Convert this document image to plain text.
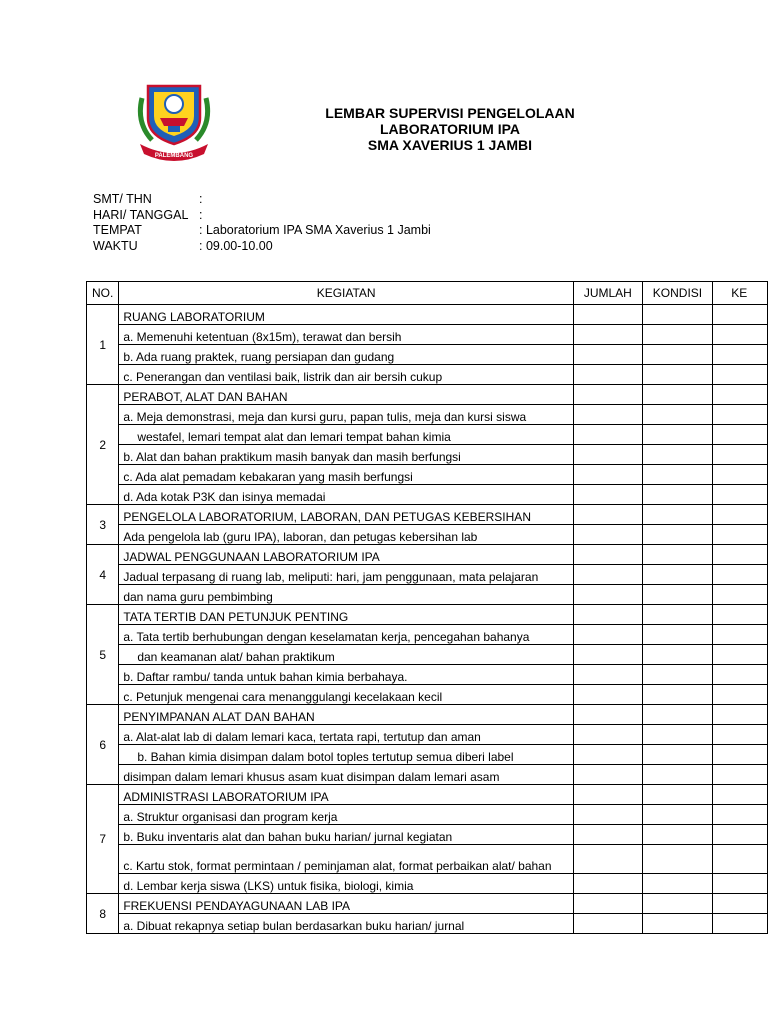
PALEMBANG
LEMBAR SUPERVISI PENGELOLAAN
LABORATORIUM IPA
SMA XAVERIUS 1 JAMBI
SMT/ THN	:
HARI/ TANGGAL :
TEMPAT	: Laboratorium IPA SMA Xaverius 1 Jambi
WAKTU	: 09.00-10.00
NO.	KEGIATAN	JUMLAH	KONDISI	KE
1	RUANG LABORATORIUM			
	a. Memenuhi ketentuan (8x15m), terawat dan bersih			
	b. Ada ruang praktek, ruang persiapan dan gudang			
	c. Penerangan dan ventilasi baik, listrik dan air bersih cukup			
2	PERABOT, ALAT DAN BAHAN			
	a. Meja demonstrasi, meja dan kursi guru, papan tulis, meja dan kursi siswa			
	westafel, lemari tempat alat dan lemari tempat bahan kimia			
	b. Alat dan bahan praktikum masih banyak dan masih berfungsi			
	c. Ada alat pemadam kebakaran yang masih berfungsi			
	d. Ada kotak P3K dan isinya memadai			
3	PENGELOLA LABORATORIUM, LABORAN, DAN PETUGAS KEBERSIHAN			
	Ada pengelola lab (guru IPA), laboran, dan petugas kebersihan lab			
4	JADWAL PENGGUNAAN LABORATORIUM IPA			
	Jadual terpasang di ruang lab, meliputi: hari, jam penggunaan, mata pelajaran			
	dan nama guru pembimbing			
5	TATA TERTIB DAN PETUNJUK PENTING			
	a. Tata tertib berhubungan dengan keselamatan kerja, pencegahan bahanya			
	dan keamanan alat/ bahan praktikum			
	b. Daftar rambu/ tanda untuk bahan kimia berbahaya.			
	c. Petunjuk mengenai cara menanggulangi kecelakaan kecil			
6	PENYIMPANAN ALAT DAN BAHAN			
	a. Alat-alat lab di dalam lemari kaca, tertata rapi, tertutup dan aman			
	b. Bahan kimia disimpan dalam botol toples tertutup semua diberi label			
	disimpan dalam lemari khusus asam kuat disimpan dalam lemari asam			
7	ADMINISTRASI LABORATORIUM IPA			
	a. Struktur organisasi dan program kerja			
	b. Buku inventaris alat dan bahan buku harian/ jurnal kegiatan			
	c. Kartu stok, format permintaan / peminjaman alat, format perbaikan alat/ bahan			
	d. Lembar kerja siswa (LKS) untuk fisika, biologi, kimia			
8	FREKUENSI PENDAYAGUNAAN LAB IPA			
	a. Dibuat rekapnya setiap bulan berdasarkan buku harian/ jurnal			
